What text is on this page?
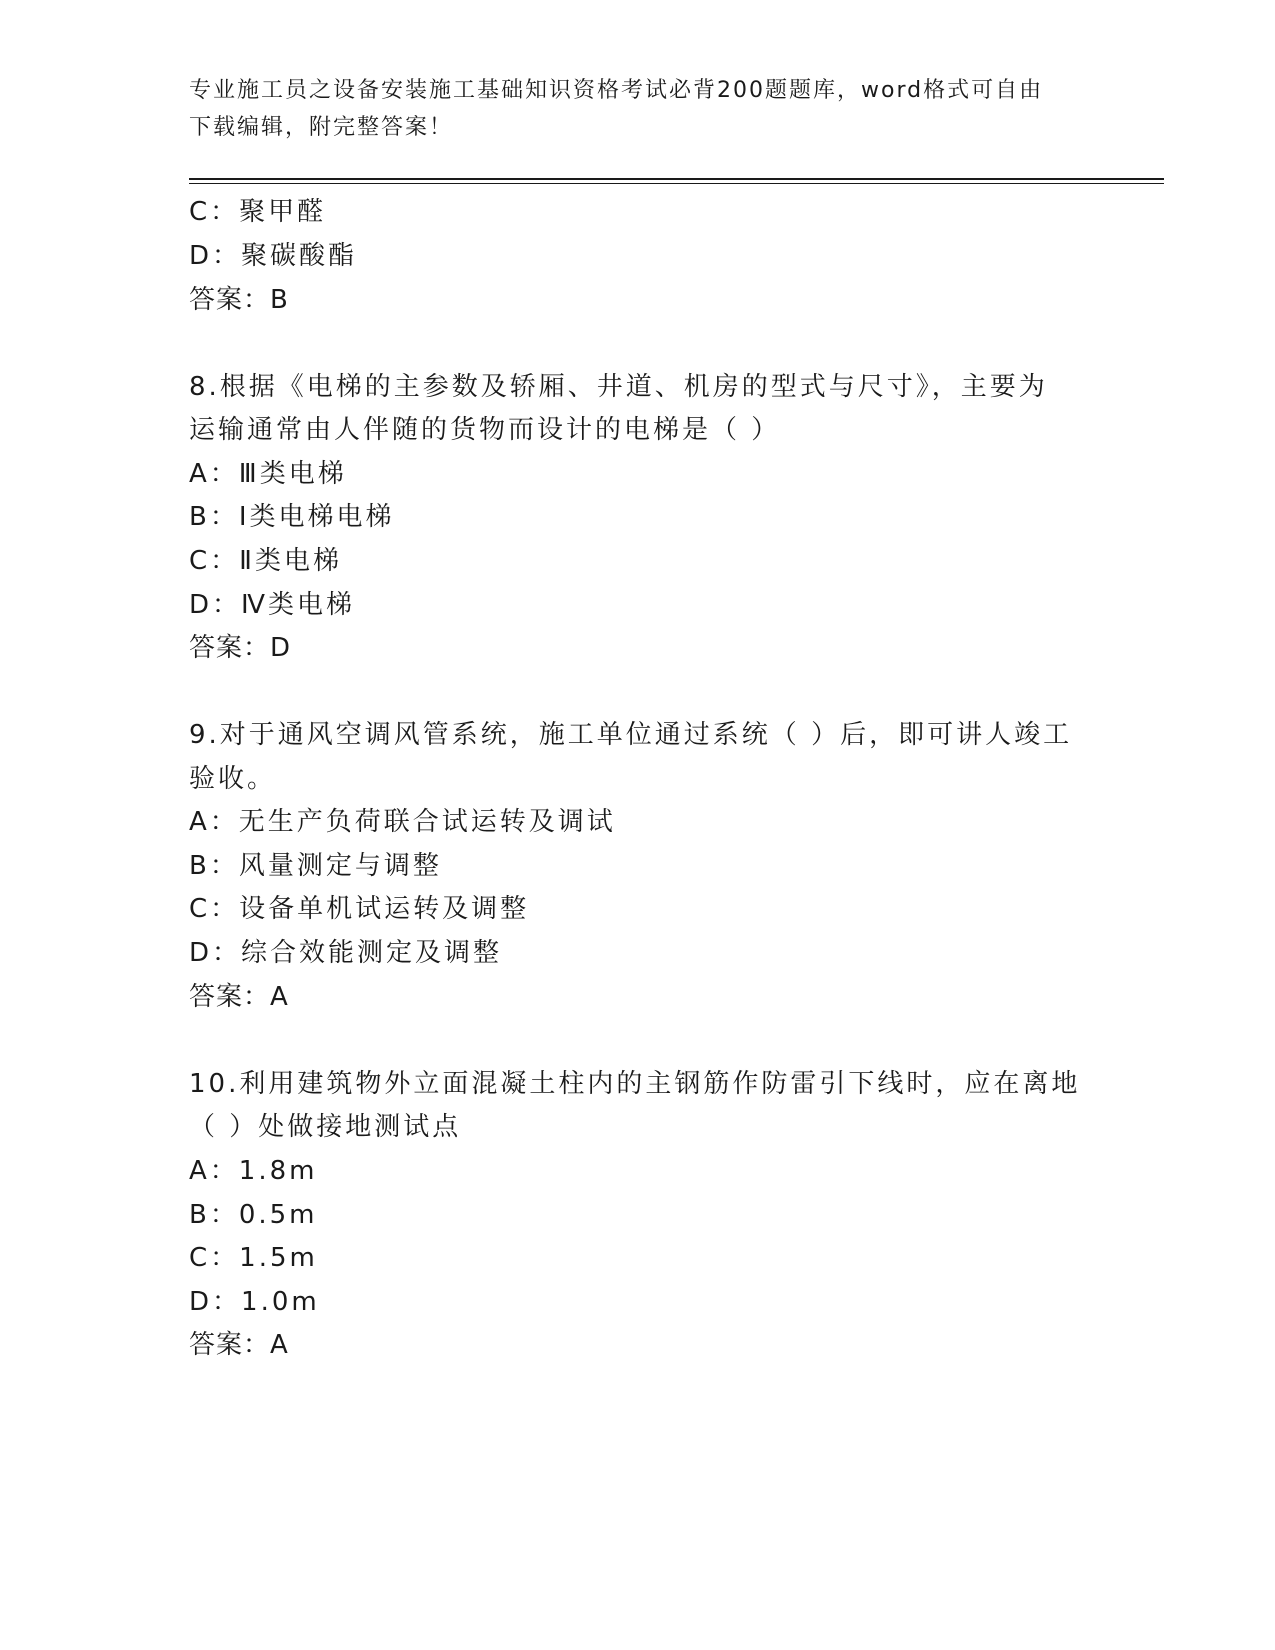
专业施工员之设备安装施工基础知识资格考试必背200题题库，word格式可自由
下载编辑，附完整答案！
C：聚甲醛
D：聚碳酸酯
答案：B
8.根据《电梯的主参数及轿厢、井道、机房的型式与尺寸》，主要为
运输通常由人伴随的货物而设计的电梯是（ ）
A：Ⅲ类电梯
B：Ⅰ类电梯电梯
C：Ⅱ类电梯
D：Ⅳ类电梯
答案：D
9.对于通风空调风管系统，施工单位通过系统（ ）后，即可讲人竣工
验收。
A：无生产负荷联合试运转及调试
B：风量测定与调整
C：设备单机试运转及调整
D：综合效能测定及调整
答案：A
10.利用建筑物外立面混凝土柱内的主钢筋作防雷引下线时，应在离地
（ ）处做接地测试点
A：1.8m
B：0.5m
C：1.5m
D：1.0m
答案：A
